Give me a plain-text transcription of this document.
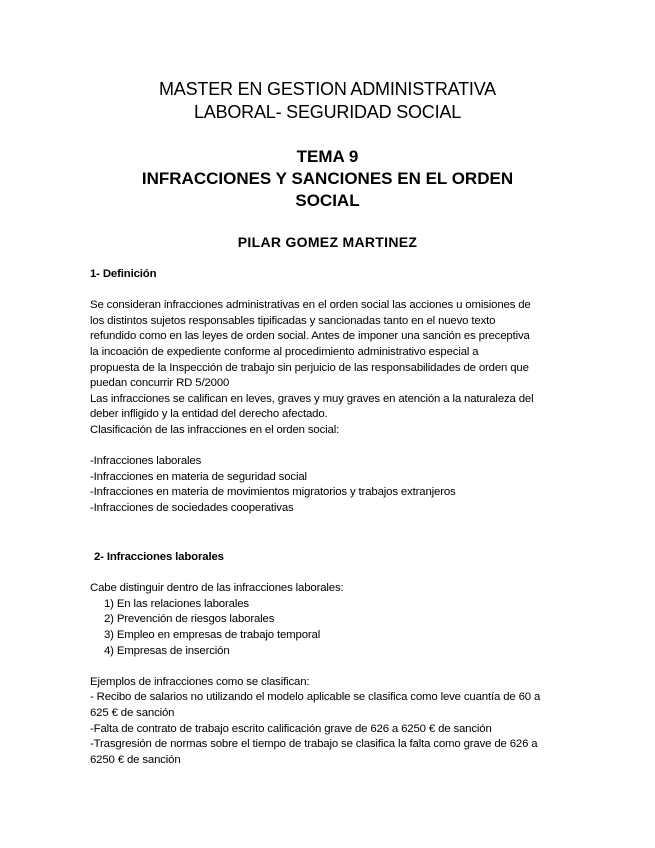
MASTER EN GESTION ADMINISTRATIVA
LABORAL- SEGURIDAD SOCIAL
TEMA 9
INFRACCIONES Y SANCIONES EN EL ORDEN
SOCIAL
PILAR GOMEZ MARTINEZ

1- Definición

Se consideran infracciones administrativas en el orden social las acciones u omisiones de

los distintos sujetos responsables tipificadas y sancionadas tanto en el nuevo texto

refundido como en las leyes de orden social. Antes de imponer una sanción es preceptiva

la incoación de expediente conforme al procedimiento administrativo especial a

propuesta de la Inspección de trabajo sin perjuicio de las responsabilidades de orden que

puedan concurrir RD 5/2000

Las infracciones se califican en leves, graves y muy graves en atención a la naturaleza del

deber infligido y la entidad del derecho afectado.

Clasificación de las infracciones en el orden social:

-Infracciones laborales

-Infracciones en materia de seguridad social

-Infracciones en materia de movimientos migratorios y trabajos extranjeros

-Infracciones de sociedades cooperativas

2- Infracciones laborales

Cabe distinguir dentro de las infracciones laborales:

1) En las relaciones laborales

2) Prevención de riesgos laborales

3) Empleo en empresas de trabajo temporal

4) Empresas de inserción

Ejemplos de infracciones como se clasifican:

- Recibo de salarios no utilizando el modelo aplicable se clasifica como leve cuantía de 60 a

625 € de sanción

-Falta de contrato de trabajo escrito calificación grave de 626 a 6250 € de sanción

-Trasgresión de normas sobre el tiempo de trabajo se clasifica la falta como grave de 626 a

6250 € de sanción
